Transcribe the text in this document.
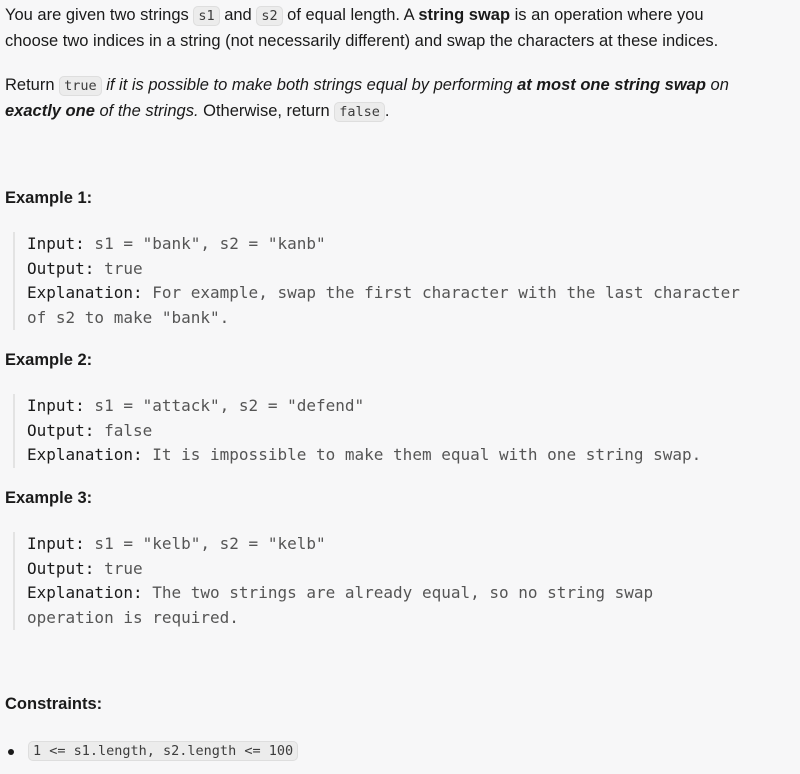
You are given two strings s1 and s2 of equal length. A string swap is an operation where you
choose two indices in a string (not necessarily different) and swap the characters at these indices.

Return true if it is possible to make both strings equal by performing at most one string swap on
exactly one of the strings. Otherwise, return false .

Example 1:

Input: s1 = "bank", s2 = "kanb"
Output: true
Explanation: For example, swap the first character with the last character
of s2 to make "bank".

Example 2:

Input: s1 = "attack", s2 = "defend"
Output: false
Explanation: It is impossible to make them equal with one string swap.

Example 3:

Input: s1 = "kelb", s2 = "kelb"
Output: true
Explanation: The two strings are already equal, so no string swap
operation is required.

Constraints:

1 <= s1.length, s2.length <= 100
